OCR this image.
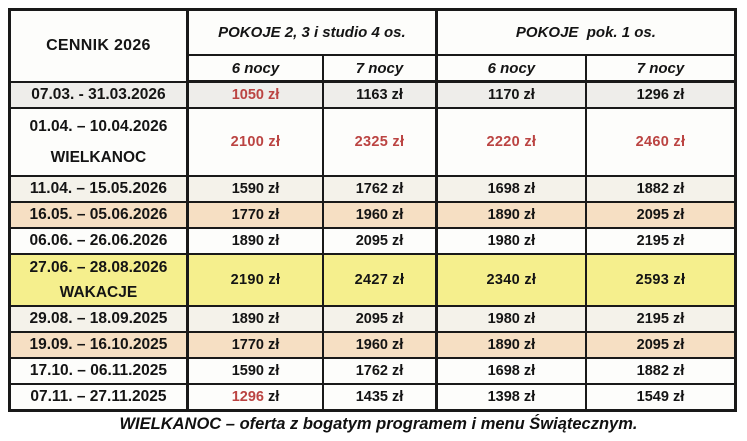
CENNIK 2026	POKOJE 2, 3 i studio 4 os.		POKOJE  pok. 1 os.	
	6 nocy	7 nocy	6 nocy	7 nocy
07.03. - 31.03.2026	1050 zł	1163 zł	1170 zł	1296 zł

01.04. – 10.04.2026
WIELKANOC	2100 zł	2325 zł	2220 zł	2460 zł
11.04. – 15.05.2026	1590 zł	1762 zł	1698 zł	1882 zł
16.05. – 05.06.2026	1770 zł	1960 zł	1890 zł	2095 zł
06.06. – 26.06.2026	1890 zł	2095 zł	1980 zł	2195 zł

27.06. – 28.08.2026
WAKACJE	2190 zł	2427 zł	2340 zł	2593 zł
29.08. – 18.09.2025	1890 zł	2095 zł	1980 zł	2195 zł
19.09. – 16.10.2025	1770 zł	1960 zł	1890 zł	2095 zł
17.10. – 06.11.2025	1590 zł	1762 zł	1698 zł	1882 zł
07.11. – 27.11.2025	1296 zł	1435 zł	1398 zł	1549 zł
WIELKANOC – oferta z bogatym programem i menu Świątecznym.
